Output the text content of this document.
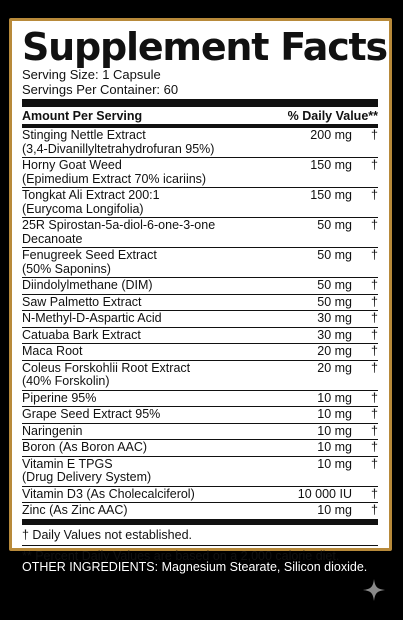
Supplement Facts
Serving Size: 1 Capsule
Servings Per Container: 60
Amount Per Serving	% Daily Value**
Stinging Nettle Extract
(3,4-Divanillyltetrahydrofuran 95%)
200 mg	†
Horny Goat Weed
(Epimedium Extract 70% icariins)
150 mg	†
Tongkat Ali Extract 200:1
(Eurycoma Longifolia)
150 mg	†
25R Spirostan-5a-diol-6-one-3-one
Decanoate
50 mg	†
Fenugreek Seed Extract
(50% Saponins)
50 mg	†
Diindolylmethane (DIM)	50 mg	†
Saw Palmetto Extract	50 mg	†
N-Methyl-D-Aspartic Acid	30 mg	†
Catuaba Bark Extract	30 mg	†
Maca Root	20 mg	†
Coleus Forskohlii Root Extract
(40% Forskolin)
20 mg	†
Piperine 95%	10 mg	†
Grape Seed Extract 95%	10 mg	†
Naringenin	10 mg	†
Boron (As Boron AAC)	10 mg	†
Vitamin E TPGS
(Drug Delivery System)
10 mg	†
Vitamin D3 (As Cholecalciferol)	10 000 IU	†
Zinc (As Zinc AAC)	10 mg	†
† Daily Values not established.
** Percent Daily Values are based on a 2,000 calorie diet.
OTHER INGREDIENTS: Magnesium Stearate, Silicon dioxide.
